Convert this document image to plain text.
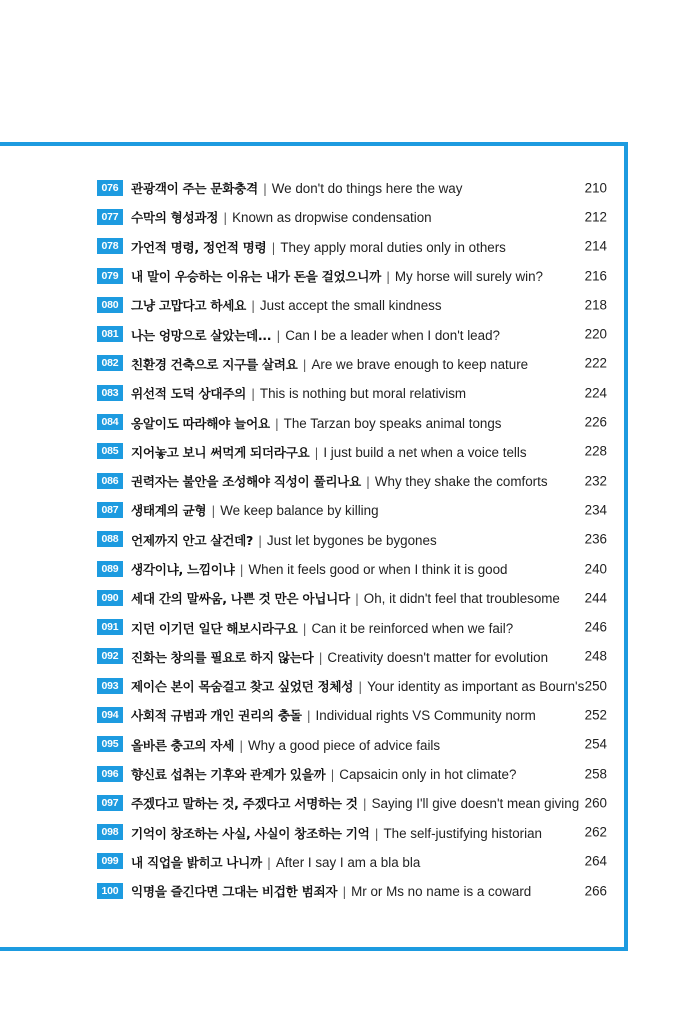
076 관광객이 주는 문화충격 | We don't do things here the way	210
077 수막의 형성과정 | Known as dropwise condensation	212
078 가언적 명령, 정언적 명령 | They apply moral duties only in others	214
079 내 말이 우승하는 이유는 내가 돈을 걸었으니까 | My horse will surely win?	216
080 그냥 고맙다고 하세요 | Just accept the small kindness	218
081 나는 엉망으로 살았는데... | Can I be a leader when I don't lead?	220
082 친환경 건축으로 지구를 살려요 | Are we brave enough to keep nature	222
083 위선적 도덕 상대주의 | This is nothing but moral relativism	224
084 옹알이도 따라해야 늘어요 | The Tarzan boy speaks animal tongs	226
085 지어놓고 보니 써먹게 되더라구요 | I just build a net when a voice tells	228
086 권력자는 불안을 조성해야 직성이 풀리나요 | Why they shake the comforts	232
087 생태계의 균형 | We keep balance by killing	234
088 언제까지 안고 살건데? | Just let bygones be bygones	236
089 생각이냐, 느낌이냐 | When it feels good or when I think it is good	240
090 세대 간의 말싸움, 나쁜 것 만은 아닙니다 | Oh, it didn't feel that troublesome 244
091 지던 이기던 일단 해보시라구요 | Can it be reinforced when we fail?	246
092 진화는 창의를 필요로 하지 않는다 | Creativity doesn't matter for evolution	248
093 제이슨 본이 목숨걸고 찾고 싶었던 정체성 | Your identity as important as Bourn's 250
094 사회적 규범과 개인 권리의 충돌 | Individual rights VS Community norm	252
095 올바른 충고의 자세 | Why a good piece of advice fails	254
096 향신료 섭취는 기후와 관계가 있을까 | Capsaicin only in hot climate?	258
097 주겠다고 말하는 것, 주겠다고 서명하는 것 | Saying I'll give doesn't mean giving 260
098 기억이 창조하는 사실, 사실이 창조하는 기억 | The self-justifying historian	262
099 내 직업을 밝히고 나니까 | After I say I am a bla bla	264
100 익명을 즐긴다면 그대는 비겁한 범죄자 | Mr or Ms no name is a coward	266
